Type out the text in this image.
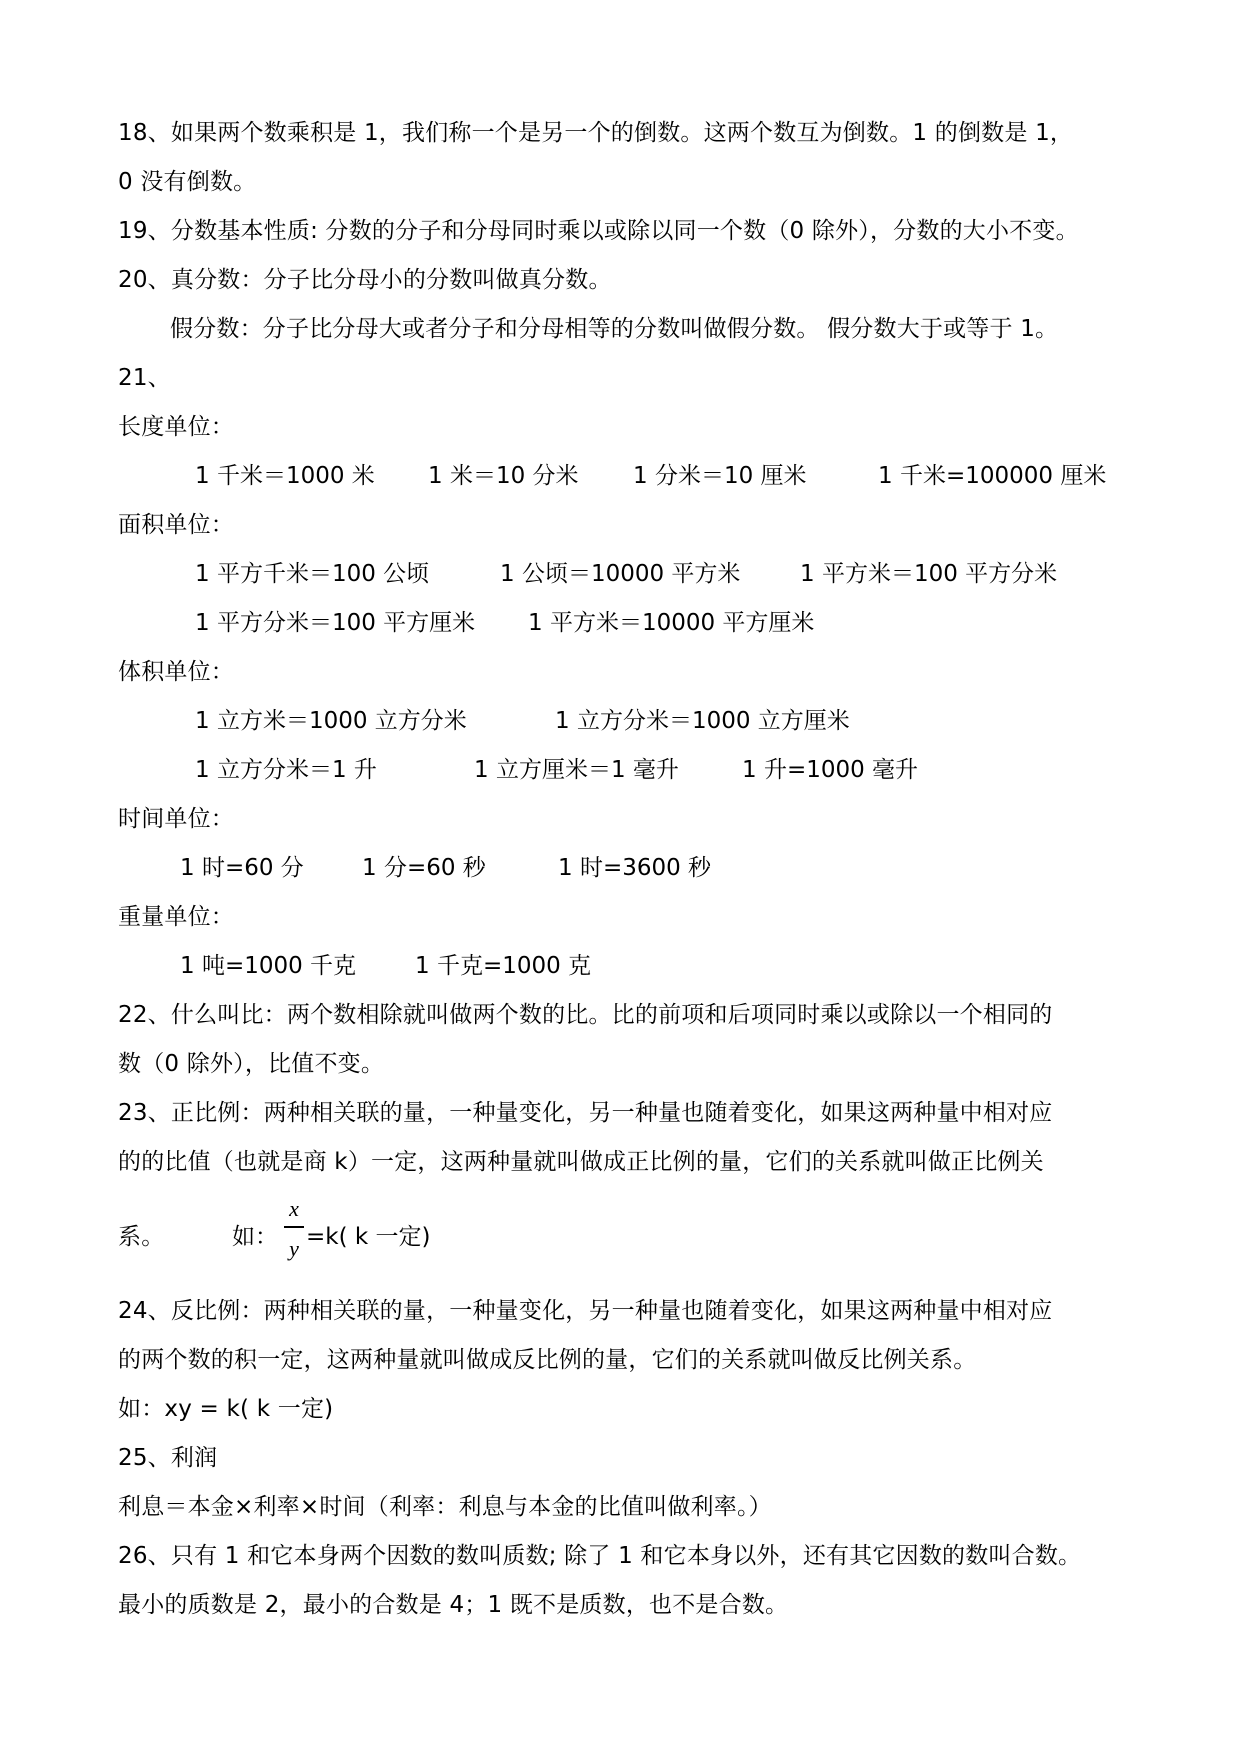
18、如果两个数乘积是 1，我们称一个是另一个的倒数。这两个数互为倒数。1 的倒数是 1，
0 没有倒数。
19、分数基本性质: 分数的分子和分母同时乘以或除以同一个数（0 除外），分数的大小不变。
20、真分数：分子比分母小的分数叫做真分数。
假分数：分子比分母大或者分子和分母相等的分数叫做假分数。 假分数大于或等于 1。
21、
长度单位：
1 千米＝1000 米 1 米＝10 分米 1 分米＝10 厘米	1 千米=100000 厘米
面积单位：
1 平方千米＝100 公顷	1 公顷＝10000 平方米	1 平方米＝100 平方分米
1 平方分米＝100 平方厘米 1 平方米＝10000 平方厘米
体积单位：
1 立方米＝1000 立方分米	1 立方分米＝1000 立方厘米
1 立方分米＝1 升	1 立方厘米＝1 毫升	1 升=1000 毫升
时间单位：
1 时=60 分	1 分=60 秒	1 时=3600 秒
重量单位：
1 吨=1000 千克	1 千克=1000 克
22、什么叫比：两个数相除就叫做两个数的比。比的前项和后项同时乘以或除以一个相同的
数（0 除外），比值不变。
23、正比例：两种相关联的量，一种量变化，另一种量也随着变化，如果这两种量中相对应
的的比值（也就是商 k）一定，这两种量就叫做成正比例的量，它们的关系就叫做正比例关
系。	如：
x
y =k( k 一定)
24、反比例：两种相关联的量，一种量变化，另一种量也随着变化，如果这两种量中相对应
的两个数的积一定，这两种量就叫做成反比例的量，它们的关系就叫做反比例关系。
如：xy = k( k 一定)
25、利润
利息＝本金×利率×时间（利率：利息与本金的比值叫做利率。）
26、只有 1 和它本身两个因数的数叫质数; 除了 1 和它本身以外，还有其它因数的数叫合数。
最小的质数是 2，最小的合数是 4；1 既不是质数，也不是合数。
